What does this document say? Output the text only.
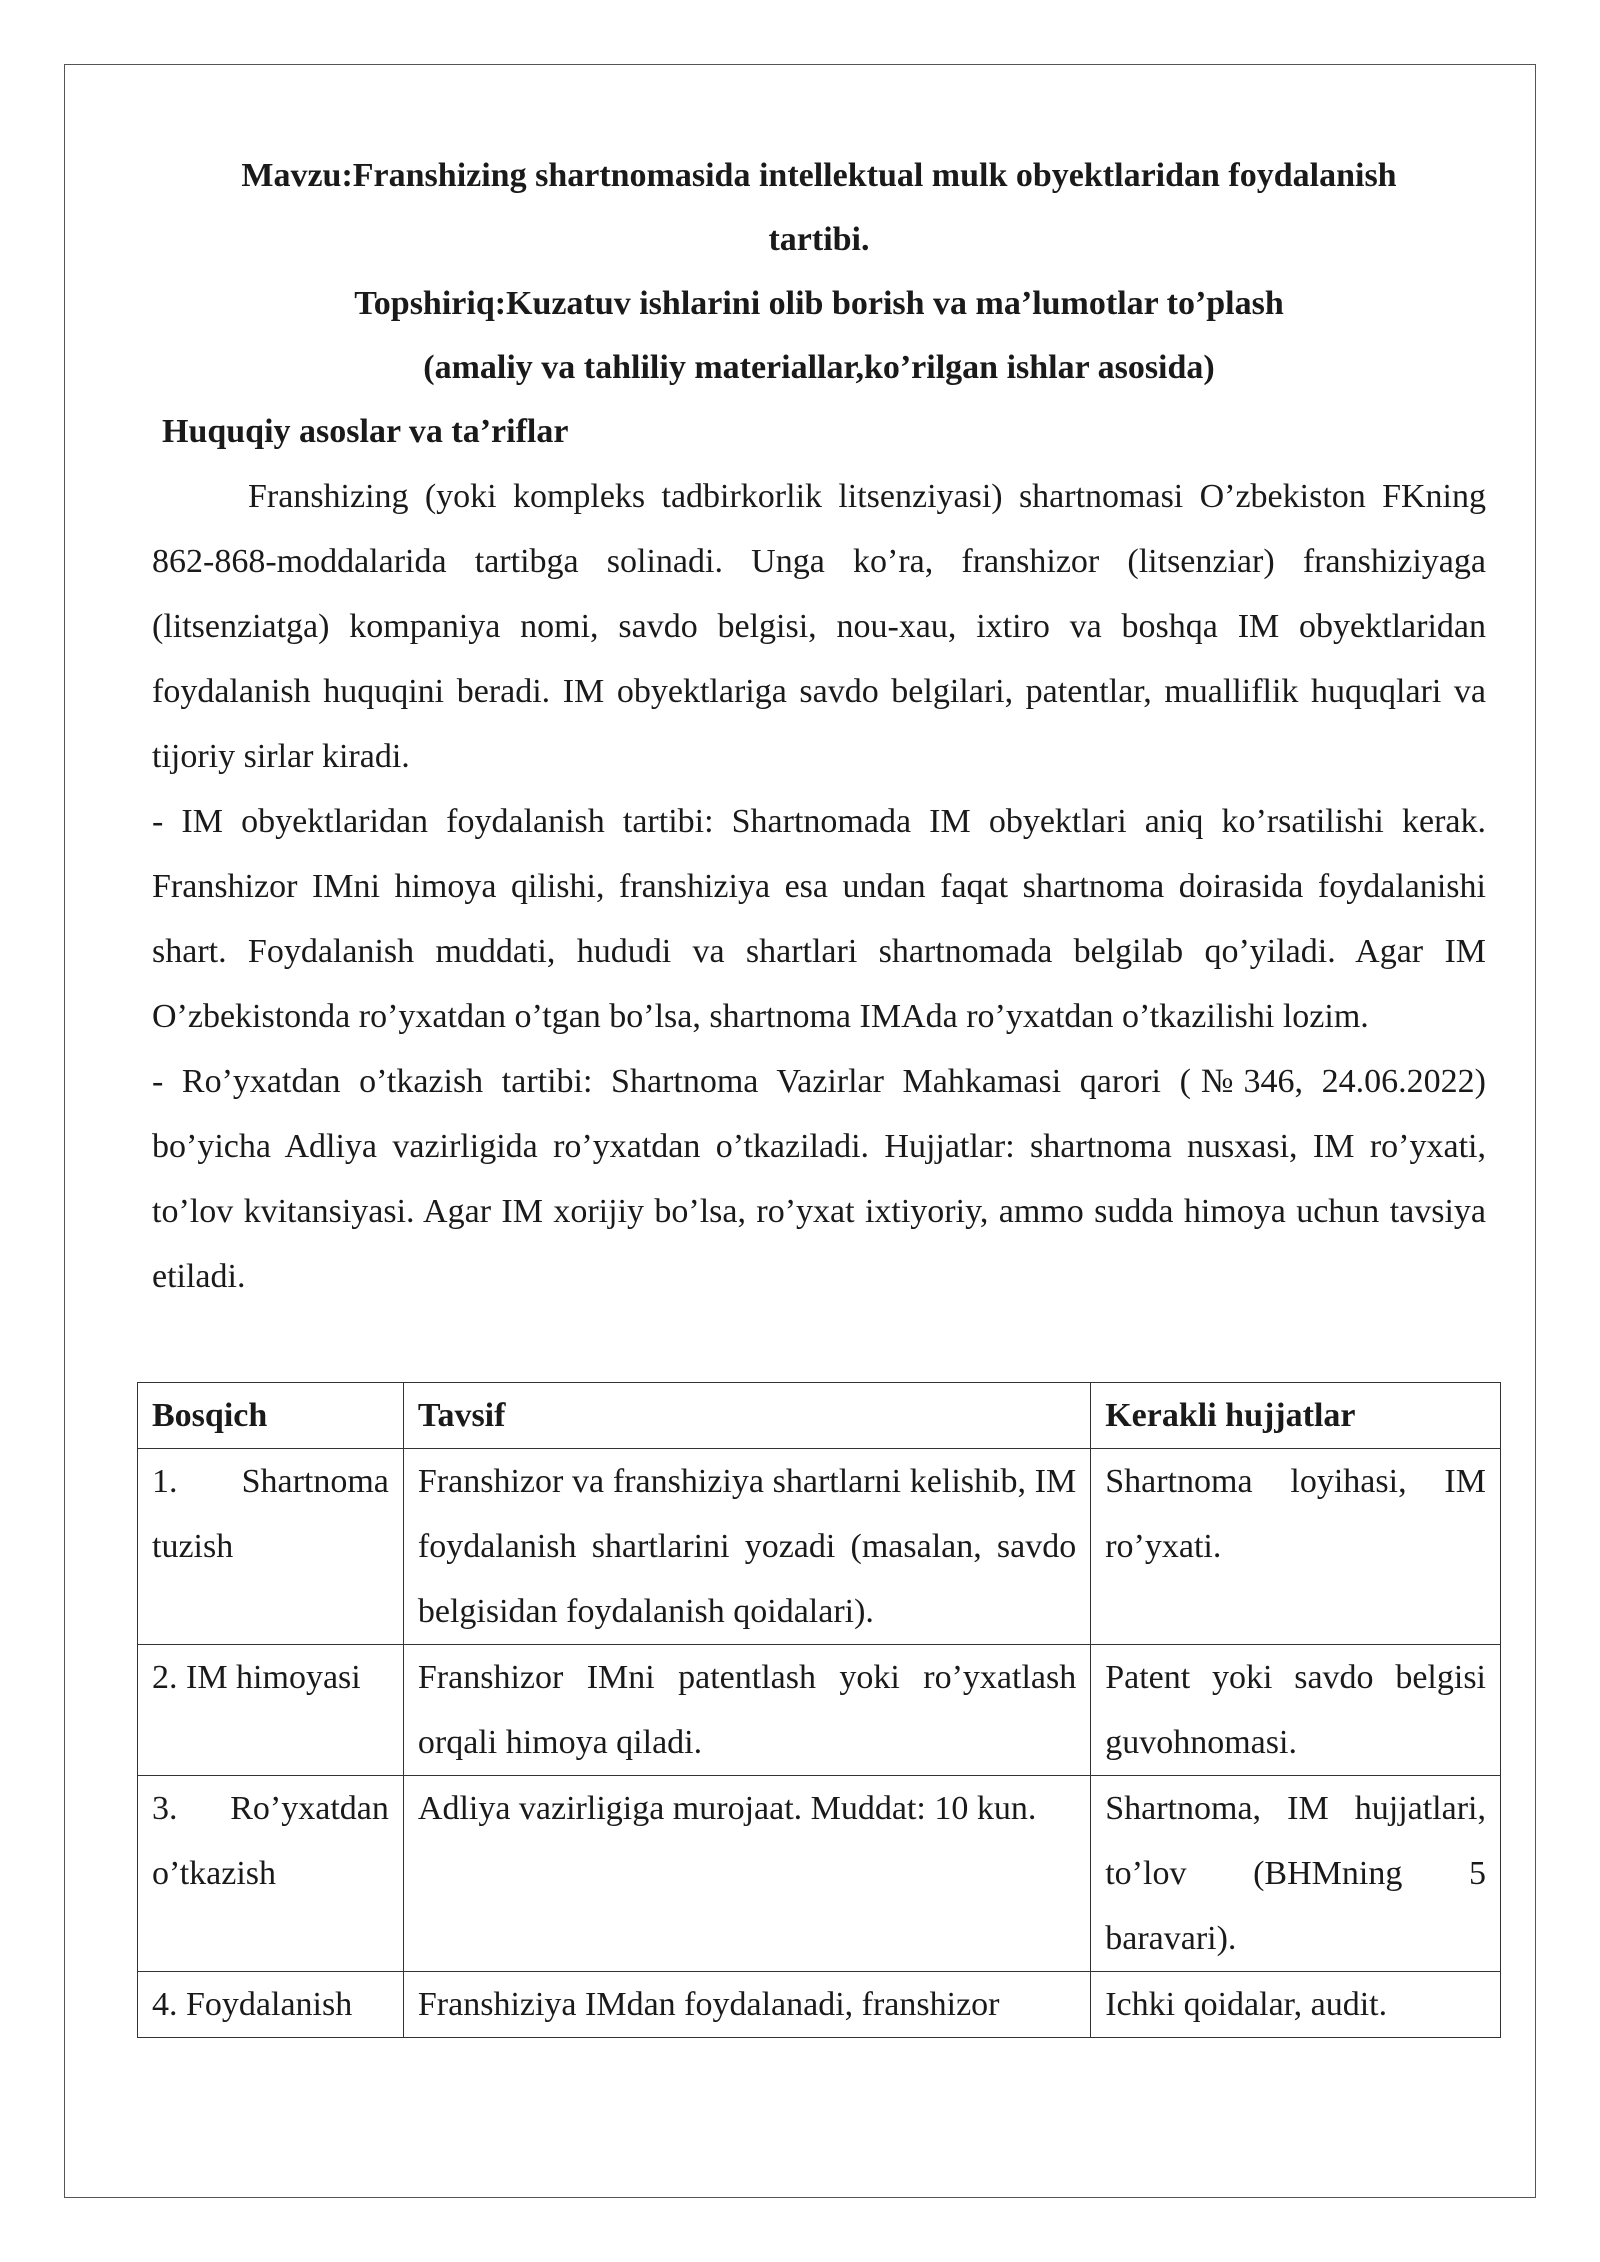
Mavzu:Franshizing shartnomasida intellektual mulk obyektlaridan foydalanish

tartibi.

Topshiriq:Kuzatuv ishlarini olib borish va ma’lumotlar to’plash

(amaliy va tahliliy materiallar,ko’rilgan ishlar asosida)

Huquqiy asoslar va ta’riflar

Franshizing (yoki kompleks tadbirkorlik litsenziyasi) shartnomasi O’zbekiston FKning 862-868-moddalarida tartibga solinadi. Unga ko’ra, franshizor (litsenziar) franshiziyaga (litsenziatga) kompaniya nomi, savdo belgisi, nou-xau, ixtiro va boshqa IM obyektlaridan foydalanish huquqini beradi. IM obyektlariga savdo belgilari, patentlar, mualliflik huquqlari va tijoriy sirlar kiradi.

- IM obyektlaridan foydalanish tartibi: Shartnomada IM obyektlari aniq ko’rsatilishi kerak. Franshizor IMni himoya qilishi, franshiziya esa undan faqat shartnoma doirasida foydalanishi shart. Foydalanish muddati, hududi va shartlari shartnomada belgilab qo’yiladi. Agar IM O’zbekistonda ro’yxatdan o’tgan bo’lsa, shartnoma IMAda ro’yxatdan o’tkazilishi lozim.

- Ro’yxatdan o’tkazish tartibi: Shartnoma Vazirlar Mahkamasi qarori (№346, 24.06.2022) bo’yicha Adliya vazirligida ro’yxatdan o’tkaziladi. Hujjatlar: shartnoma nusxasi, IM ro’yxati, to’lov kvitansiyasi. Agar IM xorijiy bo’lsa, ro’yxat ixtiyoriy, ammo sudda himoya uchun tavsiya etiladi.

Bosqich	Tavsif	Kerakli hujjatlar
1. Shartnoma tuzish	Franshizor va franshiziya shartlarni kelishib, IM foydalanish shartlarini yozadi (masalan, savdo belgisidan foydalanish qoidalari).	Shartnoma loyihasi, IM ro’yxati.
2. IM himoyasi	Franshizor IMni patentlash yoki ro’yxatlash orqali himoya qiladi.	Patent yoki savdo belgisi guvohnomasi.
3. Ro’yxatdan o’tkazish	Adliya vazirligiga murojaat. Muddat: 10 kun.	Shartnoma, IM hujjatlari, to’lov (BHMning 5 baravari).
4. Foydalanish	Franshiziya IMdan foydalanadi, franshizor	Ichki qoidalar, audit.
